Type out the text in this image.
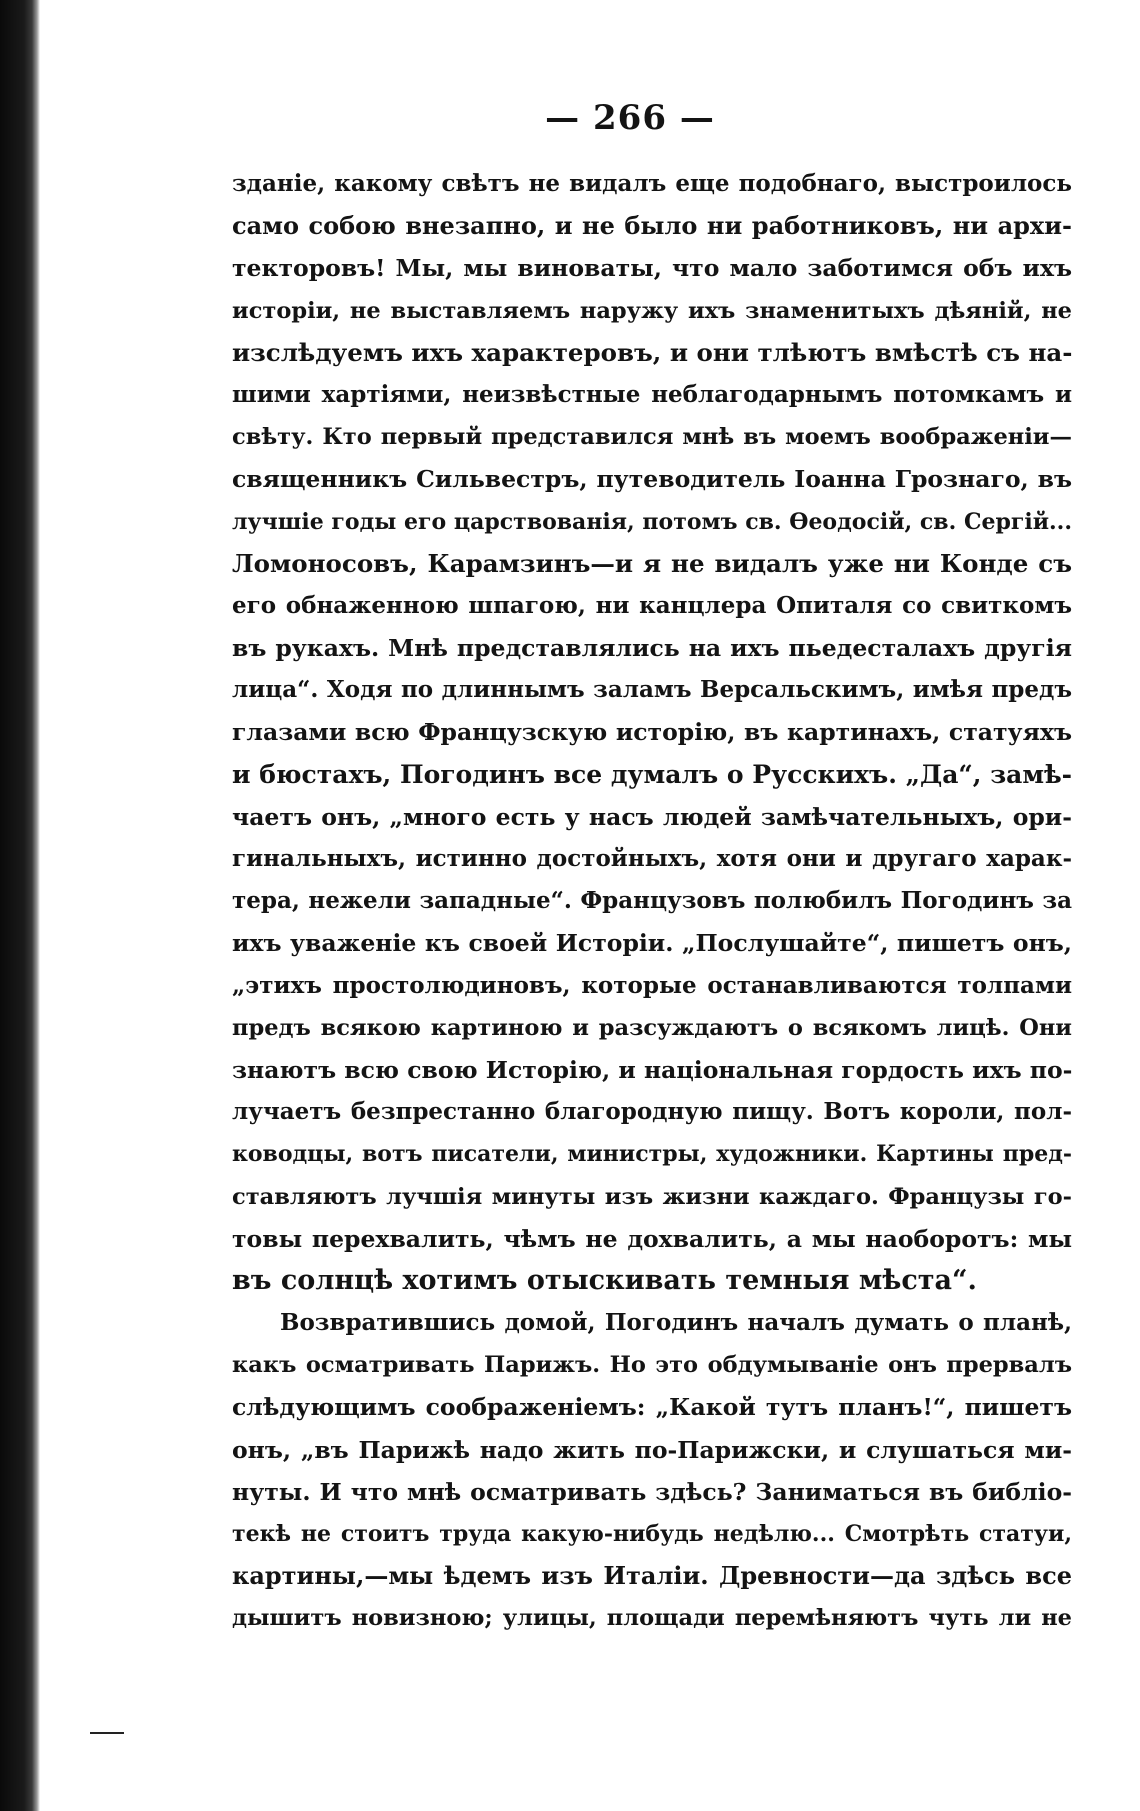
— 266 —
зданіе, какому свѣтъ не видалъ еще подобнаго, выстроилось
само собою внезапно, и не было ни работниковъ, ни архи-
текторовъ! Мы, мы виноваты, что мало заботимся объ ихъ
исторіи, не выставляемъ наружу ихъ знаменитыхъ дѣяній, не
изслѣдуемъ ихъ характеровъ, и они тлѣютъ вмѣстѣ съ на-
шими хартіями, неизвѣстные неблагодарнымъ потомкамъ и
свѣту. Кто первый представился мнѣ въ моемъ воображеніи—
священникъ Сильвестръ, путеводитель Іоанна Грознаго, въ
лучшіе годы его царствованія, потомъ св. Ѳеодосій, св. Сергій...
Ломоносовъ, Карамзинъ—и я не видалъ уже ни Конде съ
его обнаженною шпагою, ни канцлера Опиталя со свиткомъ
въ рукахъ. Мнѣ представлялись на ихъ пьедесталахъ другія
лица“. Ходя по длиннымъ заламъ Версальскимъ, имѣя предъ
глазами всю Французскую исторію, въ картинахъ, статуяхъ
и бюстахъ, Погодинъ все думалъ о Русскихъ. „Да“, замѣ-
чаетъ онъ, „много есть у насъ людей замѣчательныхъ, ори-
гинальныхъ, истинно достойныхъ, хотя они и другаго харак-
тера, нежели западные“. Французовъ полюбилъ Погодинъ за
ихъ уваженіе къ своей Исторіи. „Послушайте“, пишетъ онъ,
„этихъ простолюдиновъ, которые останавливаются толпами
предъ всякою картиною и разсуждаютъ о всякомъ лицѣ. Они
знаютъ всю свою Исторію, и національная гордость ихъ по-
лучаетъ безпрестанно благородную пищу. Вотъ короли, пол-
ководцы, вотъ писатели, министры, художники. Картины пред-
ставляютъ лучшія минуты изъ жизни каждаго. Французы го-
товы перехвалить, чѣмъ не дохвалить, а мы наоборотъ: мы
въ солнцѣ хотимъ отыскивать темныя мѣста“.
Возвратившись домой, Погодинъ началъ думать о планѣ,
какъ осматривать Парижъ. Но это обдумываніе онъ прервалъ
слѣдующимъ соображеніемъ: „Какой тутъ планъ!“, пишетъ
онъ, „въ Парижѣ надо жить по-Парижски, и слушаться ми-
нуты. И что мнѣ осматривать здѣсь? Заниматься въ библіо-
текѣ не стоитъ труда какую-нибудь недѣлю... Смотрѣть статуи,
картины,—мы ѣдемъ изъ Италіи. Древности—да здѣсь все
дышитъ новизною; улицы, площади перемѣняютъ чуть ли не
